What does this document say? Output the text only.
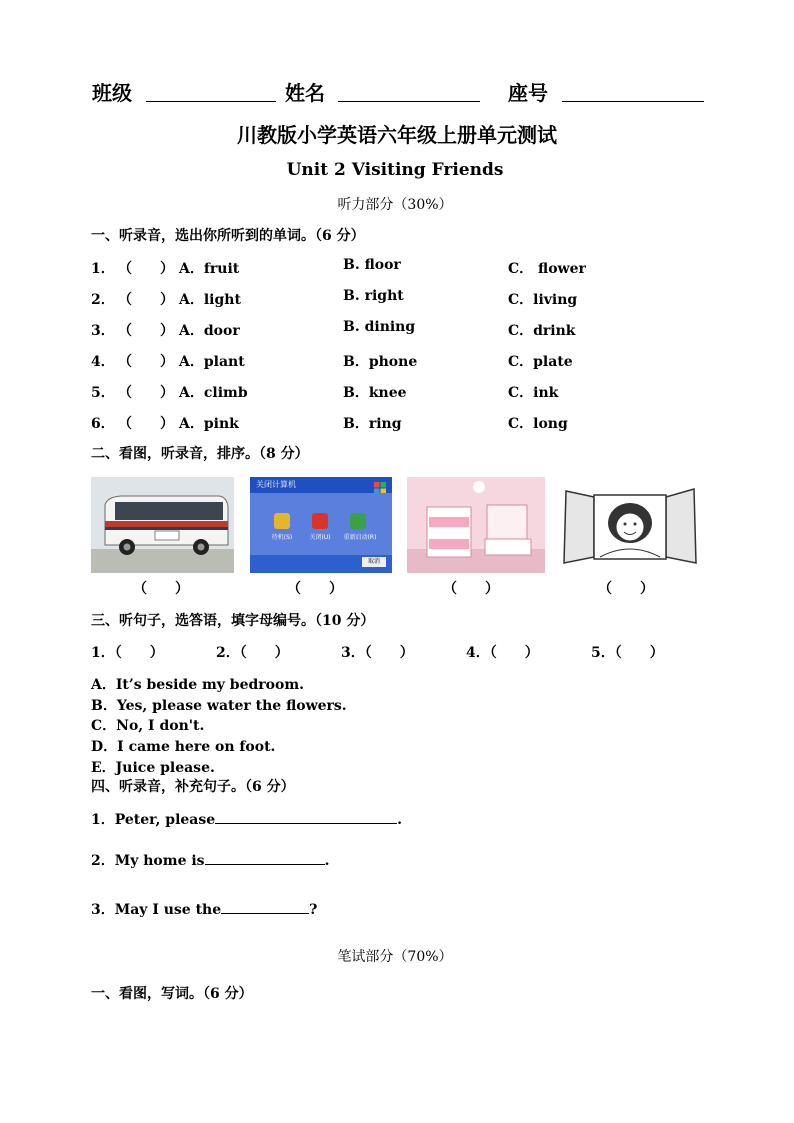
班级	姓名	座号
川教版小学英语六年级上册单元测试
Unit 2 Visiting Friends
听力部分（30%）
一、听录音，选出你所听到的单词。（6 分）
1． （　　） A．fruit	B. floor	C． flower
2． （　　） A．light	B. right	C．living
3． （　　） A．door	B. dining	C．drink
4． （　　） A．plant	B．phone	C．plate
5． （　　） A．climb	B．knee	C．ink
6． （　　） A．pink	B．ring	C．long
二、看图，听录音，排序。（8 分）
关闭计算机
待机(S)	关闭(U)	重新启动(R)
取消
（　　）	（　　）	（　　）	（　　）
三、听句子，选答语，填字母编号。（10 分）
1．（　　）	2．（　　）	3．（　　）	4．（　　）	5．（　　）
A．It’s beside my bedroom.
B．Yes, please water the flowers.
C．No, I don't.
D．I came here on foot.
E．Juice please.
四、听录音，补充句子。（6 分）
1．Peter, please	.
2．My home is	.
3．May I use the	?
笔试部分（70%）
一、看图，写词。（6 分）
